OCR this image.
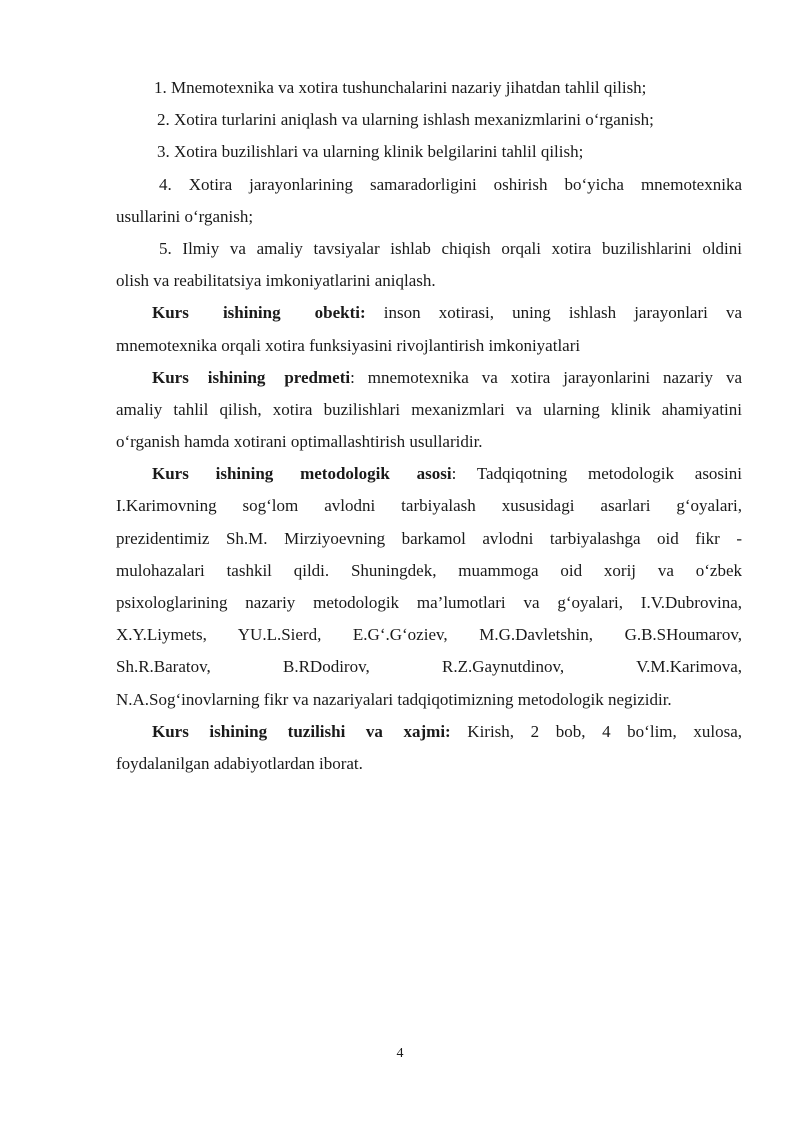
1. Mnemotexnika va xotira tushunchalarini nazariy jihatdan tahlil qilish;
2. Xotira turlarini aniqlash va ularning ishlash mexanizmlarini o‘rganish;
3. Xotira buzilishlari va ularning klinik belgilarini tahlil qilish;
4. Xotira jarayonlarining samaradorligini oshirish bo‘yicha mnemotexnika
usullarini o‘rganish;
5. Ilmiy va amaliy tavsiyalar ishlab chiqish orqali xotira buzilishlarini oldini
olish va reabilitatsiya imkoniyatlarini aniqlash.
Kurs ishining obekti: inson xotirasi, uning ishlash jarayonlari va
mnemotexnika orqali xotira funksiyasini rivojlantirish imkoniyatlari
Kurs ishining predmeti: mnemotexnika va xotira jarayonlarini nazariy va
amaliy tahlil qilish, xotira buzilishlari mexanizmlari va ularning klinik ahamiyatini
o‘rganish hamda xotirani optimallashtirish usullaridir.
Kurs ishining metodologik asosi: Tadqiqotning metodologik asosini
I.Karimovning sog‘lom avlodni tarbiyalash xususidagi asarlari g‘oyalari,
prezidentimiz Sh.M. Mirziyoevning barkamol avlodni tarbiyalashga oid fikr -
mulohazalari tashkil qildi. Shuningdek, muammoga oid xorij va o‘zbek
psixologlarining nazariy metodologik ma’lumotlari va g‘oyalari, I.V.Dubrovina,
X.Y.Liymets, YU.L.Sierd, E.G‘.G‘oziev, M.G.Davletshin, G.B.SHoumarov,
Sh.R.Baratov, B.RDodirov, R.Z.Gaynutdinov, V.M.Karimova,
N.A.Sog‘inovlarning fikr va nazariyalari tadqiqotimizning metodologik negizidir.
Kurs ishining tuzilishi va xajmi: Kirish, 2 bob, 4 bo‘lim, xulosa,
foydalanilgan adabiyotlardan iborat.
4
